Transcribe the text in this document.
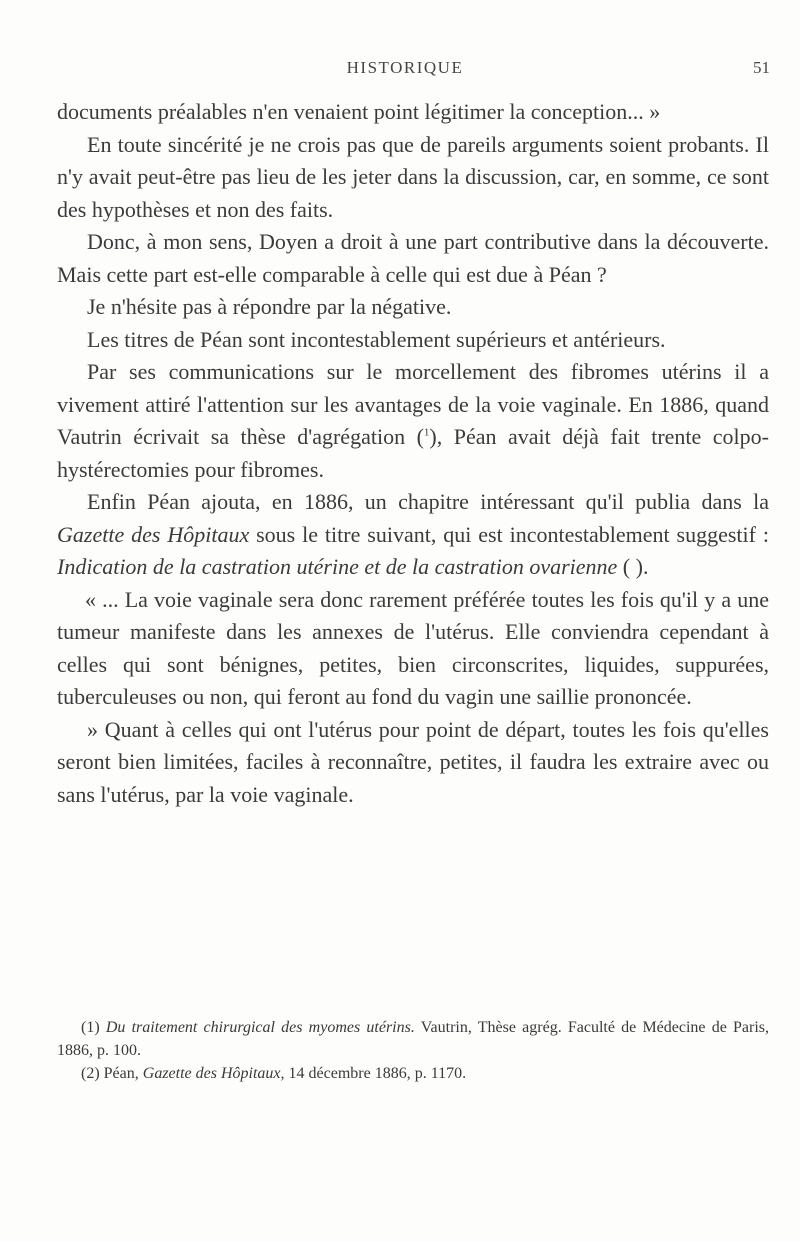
HISTORIQUE	51

documents préalables n'en venaient point légitimer la conception... »

En toute sincérité je ne crois pas que de pareils arguments soient probants. Il n'y avait peut-être pas lieu de les jeter dans la discussion, car, en somme, ce sont des hypothèses et non des faits.

Donc, à mon sens, Doyen a droit à une part contributive dans la découverte. Mais cette part est-elle comparable à celle qui est due à Péan ?

Je n'hésite pas à répondre par la négative.

Les titres de Péan sont incontestablement supérieurs et antérieurs.

Par ses communications sur le morcellement des fibromes utérins il a vivement attiré l'attention sur les avantages de la voie vaginale. En 1886, quand Vautrin écrivait sa thèse d'agrégation ($^1$), Péan avait déjà fait trente colpo-hystérectomies pour fibromes.

Enfin Péan ajouta, en 1886, un chapitre intéressant qu'il publia dans la Gazette des Hôpitaux sous le titre suivant, qui est incontestablement suggestif : Indication de la castration utérine et de la castration ovarienne ( ).

« ... La voie vaginale sera donc rarement préférée toutes les fois qu'il y a une tumeur manifeste dans les annexes de l'utérus. Elle conviendra cependant à celles qui sont bénignes, petites, bien circonscrites, liquides, suppurées, tuberculeuses ou non, qui feront au fond du vagin une saillie prononcée.

» Quant à celles qui ont l'utérus pour point de départ, toutes les fois qu'elles seront bien limitées, faciles à reconnaître, petites, il faudra les extraire avec ou sans l'utérus, par la voie vaginale.

(1) Du traitement chirurgical des myomes utérins. Vautrin, Thèse agrég. Faculté de Médecine de Paris, 1886, p. 100.

(2) Péan, Gazette des Hôpitaux, 14 décembre 1886, p. 1170.
